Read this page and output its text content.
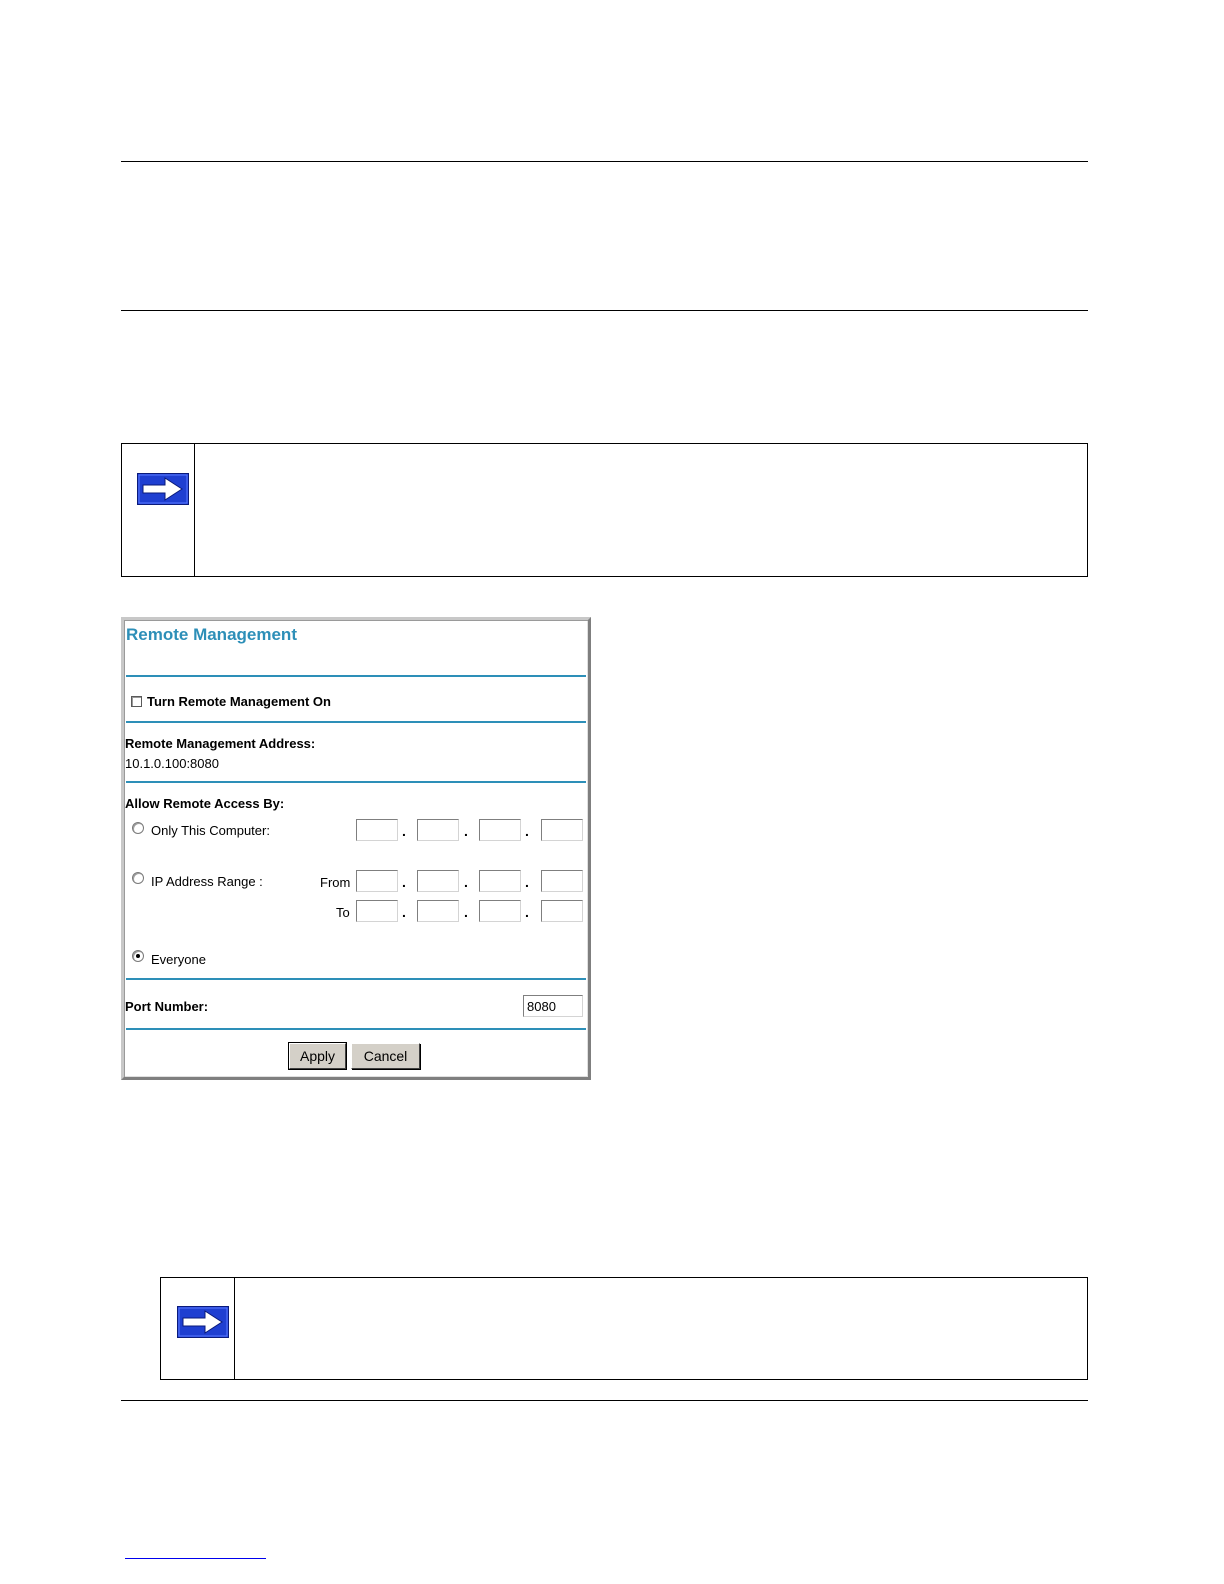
Remote Management
Turn Remote Management On
Remote Management Address:
10.1.0.100:8080
Allow Remote Access By:
Only This Computer:	.	.	.
IP Address Range :	From	.	.	.
To	.	.	.
Everyone
Port Number:
8080
Apply	Cancel
